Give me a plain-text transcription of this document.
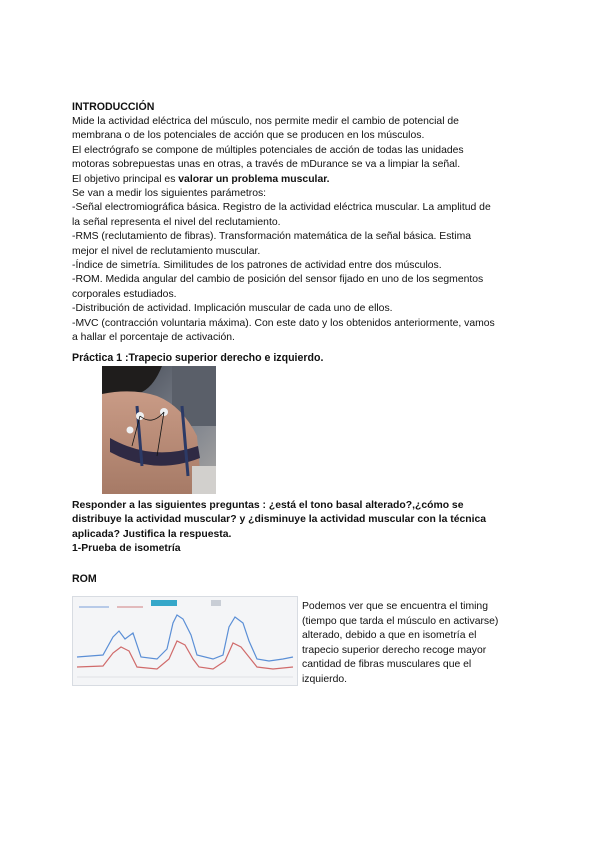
INTRODUCCIÓN
Mide la actividad eléctrica del músculo, nos permite medir el cambio de potencial de
membrana o de los potenciales de acción que se producen en los músculos.
El electrógrafo se compone de múltiples potenciales de acción de todas las unidades
motoras sobrepuestas unas en otras, a través de mDurance se va a limpiar la señal.
El objetivo principal es valorar un problema muscular.
Se van a medir los siguientes parámetros:
-Señal electromiográfica básica. Registro de la actividad eléctrica muscular. La amplitud de
la señal representa el nivel del reclutamiento.
-RMS (reclutamiento de fibras). Transformación matemática de la señal básica. Estima
mejor el nivel de reclutamiento muscular.
-Índice de simetría. Similitudes de los patrones de actividad entre dos músculos.
-ROM. Medida angular del cambio de posición del sensor fijado en uno de los segmentos
corporales estudiados.
-Distribución de actividad. Implicación muscular de cada uno de ellos.
-MVC (contracción voluntaria máxima). Con este dato y los obtenidos anteriormente, vamos
a hallar el porcentaje de activación.
Práctica 1 :Trapecio superior derecho e izquierdo.
Responder a las siguientes preguntas : ¿está el tono basal alterado?,¿cómo se
distribuye la actividad muscular? y ¿disminuye la actividad muscular con la técnica
aplicada? Justifica la respuesta.
1-Prueba de isometría
ROM
Podemos ver que se encuentra el timing
(tiempo que tarda el músculo en activarse)
alterado, debido a que en isometría el
trapecio superior derecho recoge mayor
cantidad de fibras musculares que el
izquierdo.
